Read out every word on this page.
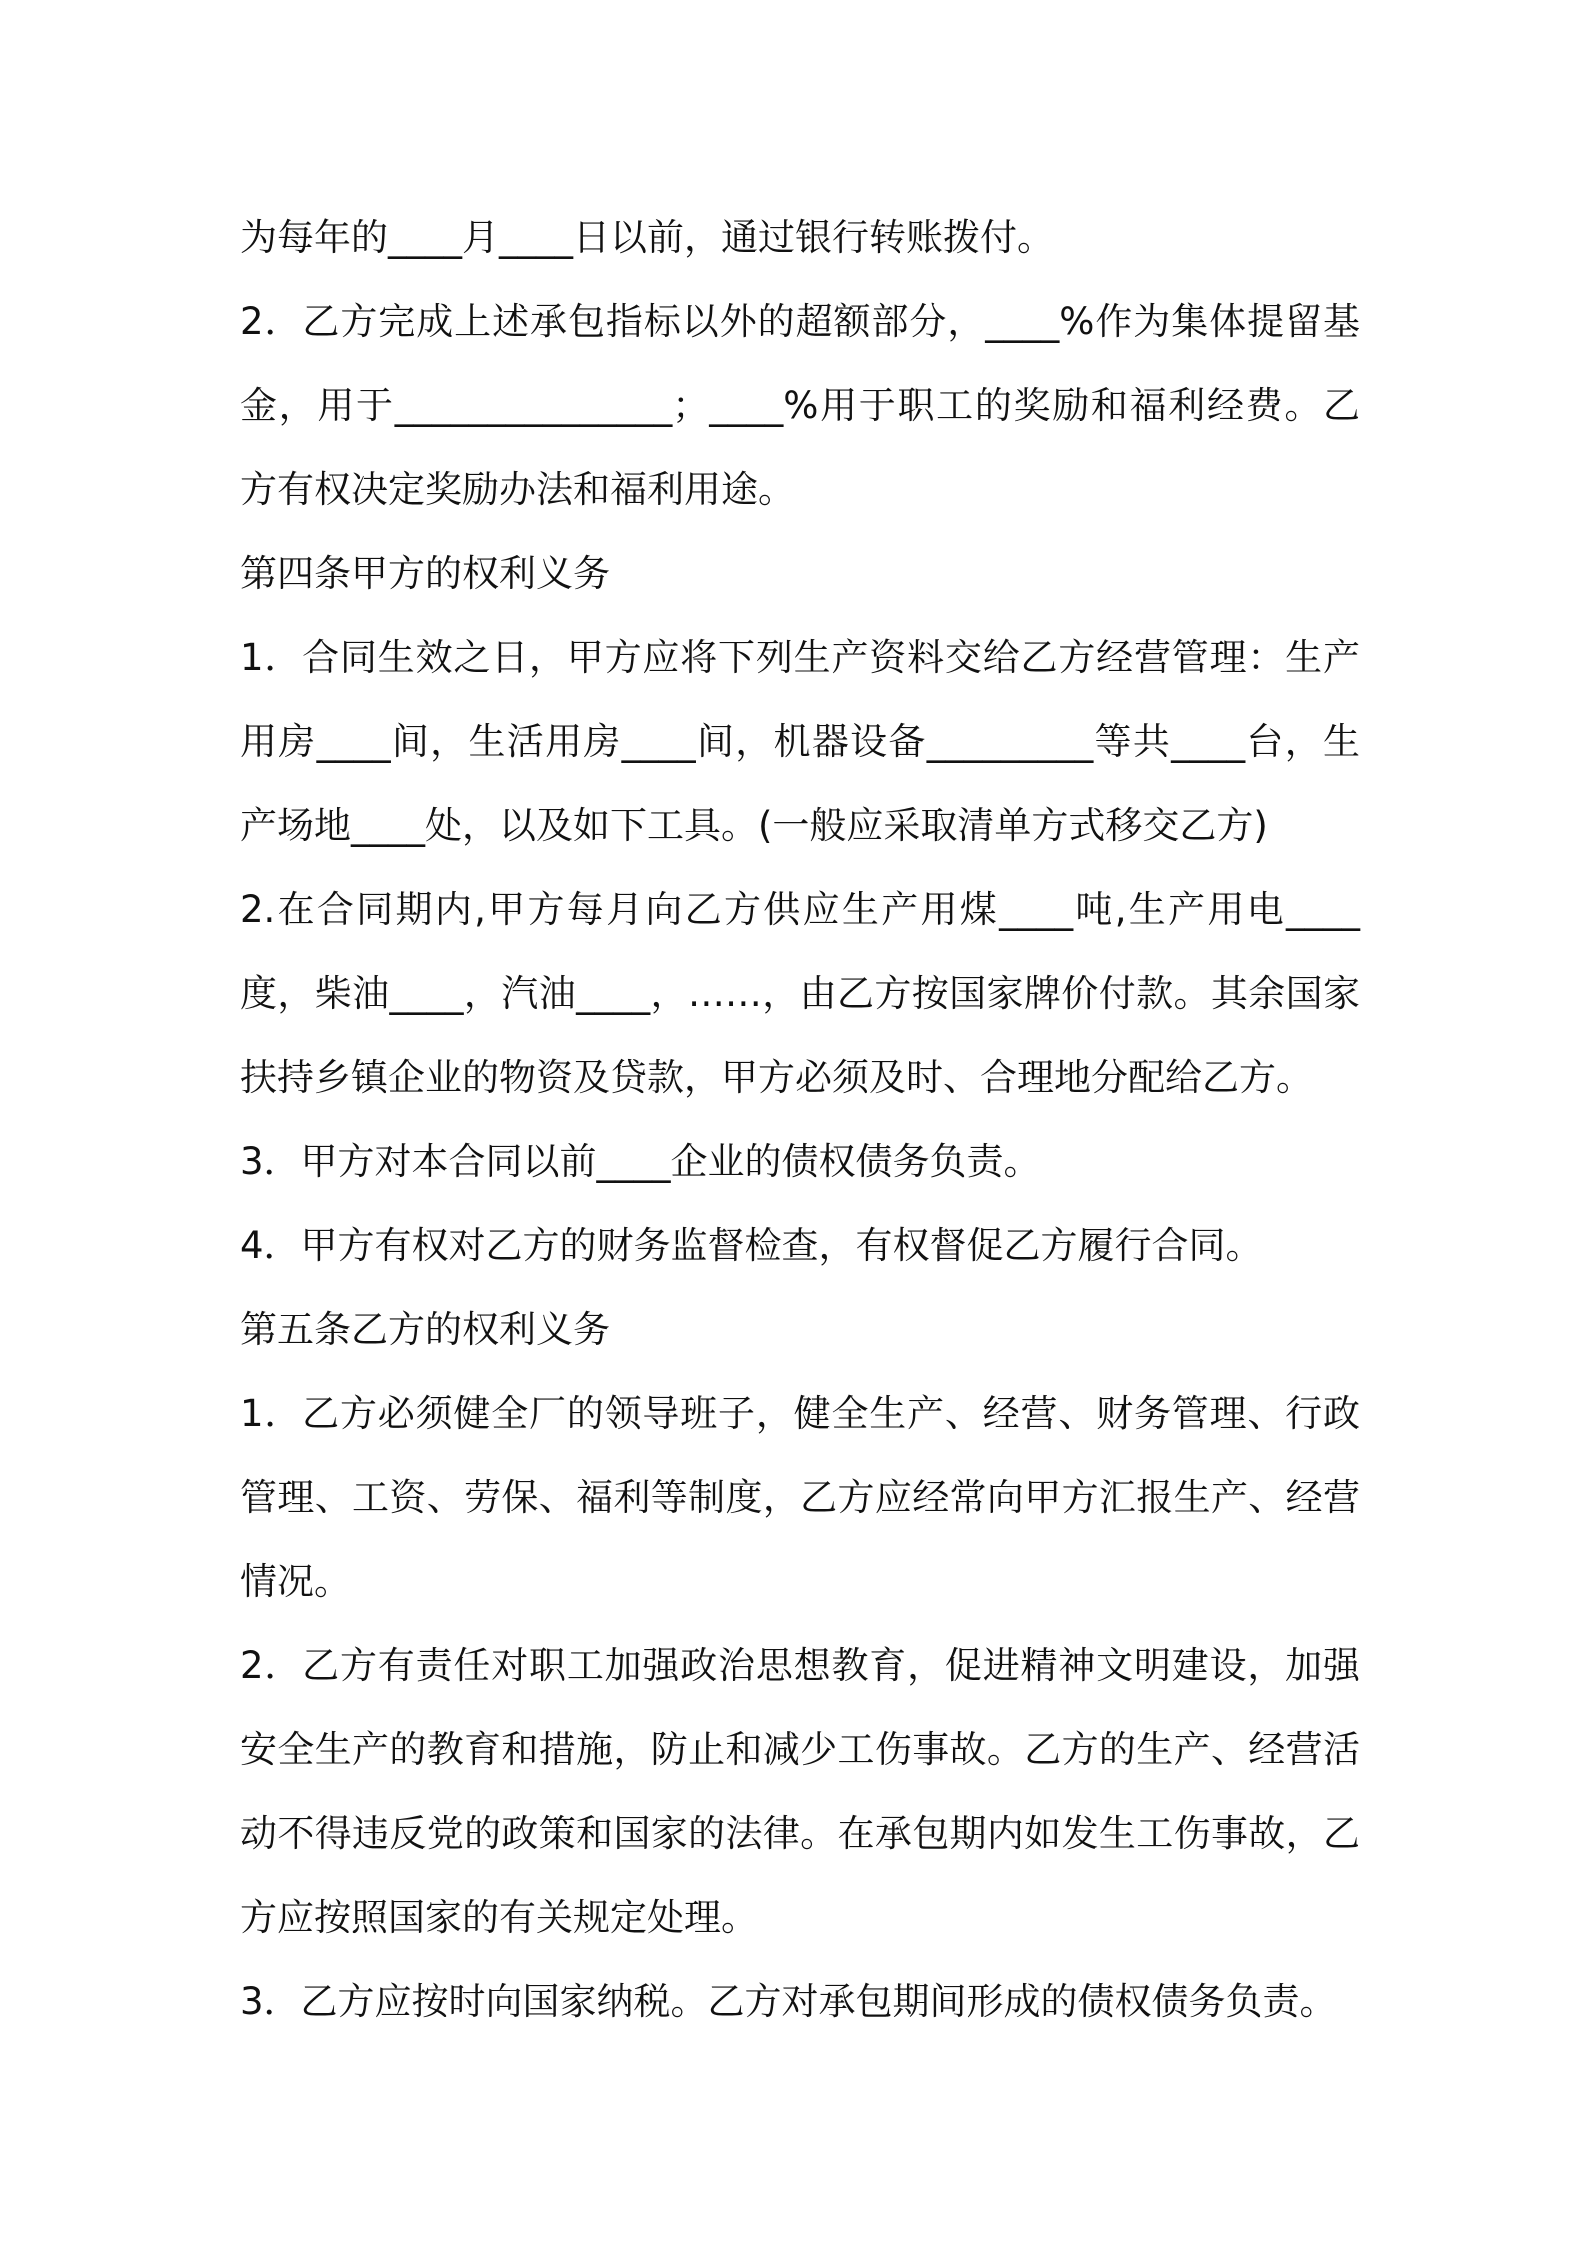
为每年的____月____日以前，通过银行转账拨付。

2．乙方完成上述承包指标以外的超额部分，____%作为集体提留基金，用于_______________；____%用于职工的奖励和福利经费。乙方有权决定奖励办法和福利用途。

第四条甲方的权利义务

1．合同生效之日，甲方应将下列生产资料交给乙方经营管理：生产用房____间，生活用房____间，机器设备_________等共____台，生产场地____处，以及如下工具。(一般应采取清单方式移交乙方)

2.在合同期内,甲方每月向乙方供应生产用煤____吨,生产用电____度，柴油____，汽油____，……，由乙方按国家牌价付款。其余国家扶持乡镇企业的物资及贷款，甲方必须及时、合理地分配给乙方。

3．甲方对本合同以前____企业的债权债务负责。

4．甲方有权对乙方的财务监督检查，有权督促乙方履行合同。

第五条乙方的权利义务

1．乙方必须健全厂的领导班子，健全生产、经营、财务管理、行政管理、工资、劳保、福利等制度，乙方应经常向甲方汇报生产、经营情况。

2．乙方有责任对职工加强政治思想教育，促进精神文明建设，加强安全生产的教育和措施，防止和减少工伤事故。乙方的生产、经营活动不得违反党的政策和国家的法律。在承包期内如发生工伤事故，乙方应按照国家的有关规定处理。

3．乙方应按时向国家纳税。乙方对承包期间形成的债权债务负责。
